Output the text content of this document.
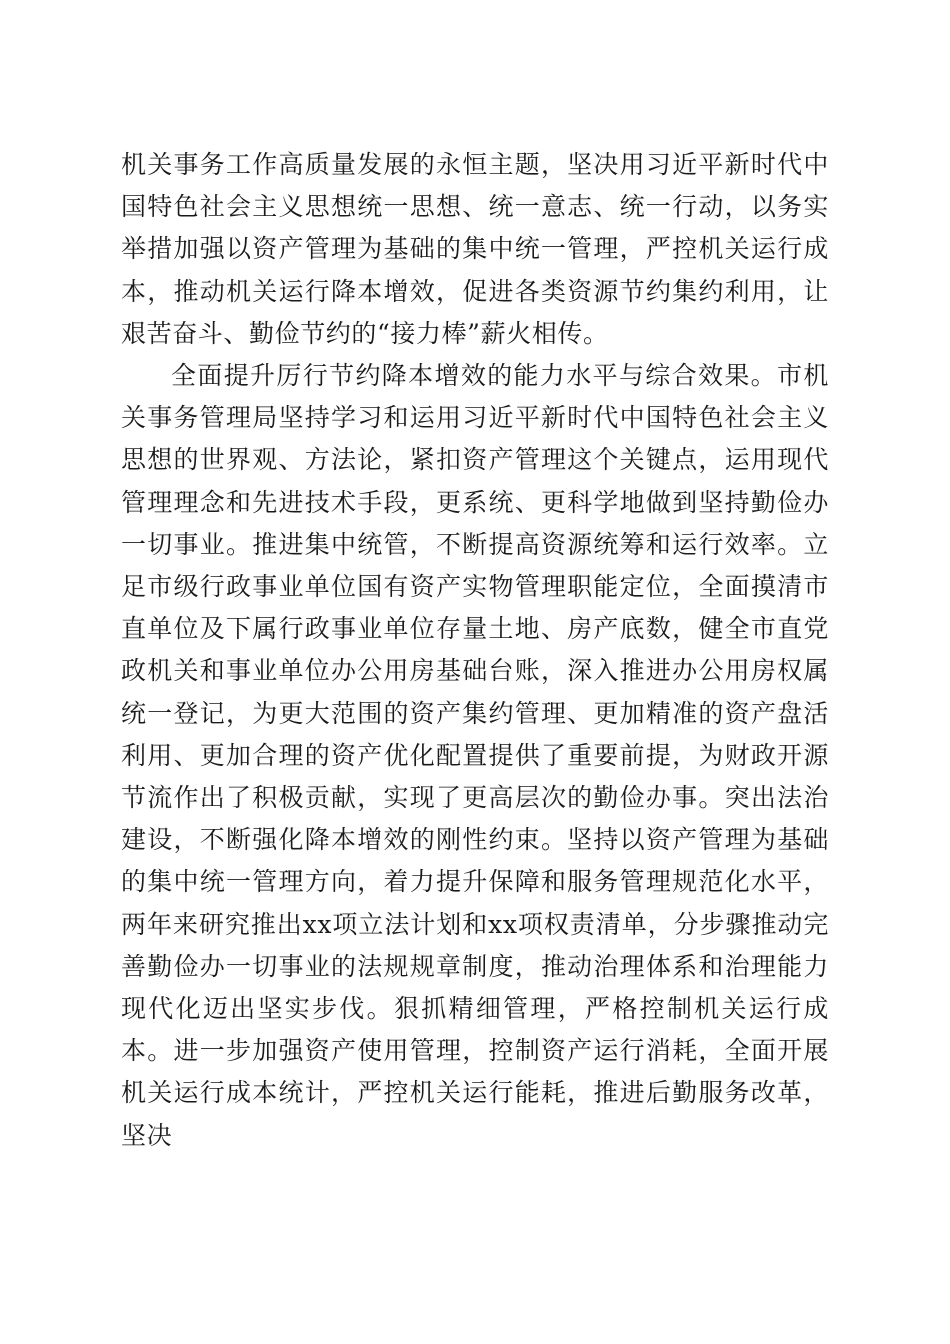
机关事务工作高质量发展的永恒主题，坚决用习近平新时代中国特色社会主义思想统一思想、统一意志、统一行动，以务实举措加强以资产管理为基础的集中统一管理，严控机关运行成本，推动机关运行降本增效，促进各类资源节约集约利用，让艰苦奋斗、勤俭节约的“接力棒”薪火相传。

全面提升厉行节约降本增效的能力水平与综合效果。市机关事务管理局坚持学习和运用习近平新时代中国特色社会主义思想的世界观、方法论，紧扣资产管理这个关键点，运用现代管理理念和先进技术手段，更系统、更科学地做到坚持勤俭办一切事业。推进集中统管，不断提高资源统筹和运行效率。立足市级行政事业单位国有资产实物管理职能定位，全面摸清市直单位及下属行政事业单位存量土地、房产底数，健全市直党政机关和事业单位办公用房基础台账，深入推进办公用房权属统一登记，为更大范围的资产集约管理、更加精准的资产盘活利用、更加合理的资产优化配置提供了重要前提，为财政开源节流作出了积极贡献，实现了更高层次的勤俭办事。突出法治建设，不断强化降本增效的刚性约束。坚持以资产管理为基础的集中统一管理方向，着力提升保障和服务管理规范化水平，两年来研究推出xx项立法计划和xx项权责清单，分步骤推动完善勤俭办一切事业的法规规章制度，推动治理体系和治理能力现代化迈出坚实步伐。狠抓精细管理，严格控制机关运行成本。进一步加强资产使用管理，控制资产运行消耗，全面开展机关运行成本统计，严控机关运行能耗，推进后勤服务改革，坚决
